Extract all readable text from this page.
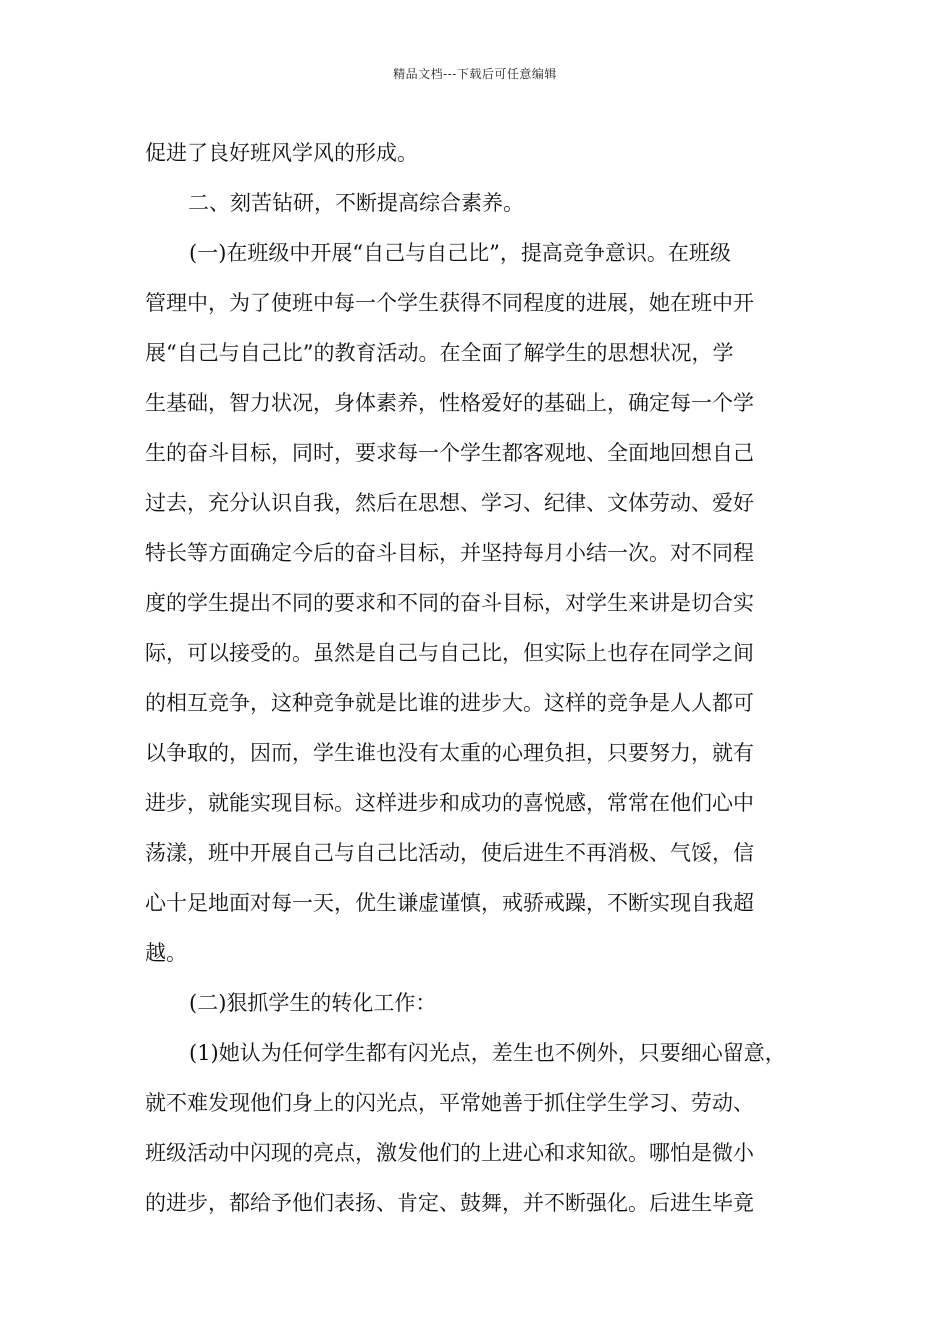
精品文档---下载后可任意编辑
促进了良好班风学风的形成。
二、刻苦钻研，不断提高综合素养。
(一)在班级中开展“自己与自己比”，提高竞争意识。在班级
管理中，为了使班中每一个学生获得不同程度的进展，她在班中开
展“自己与自己比”的教育活动。在全面了解学生的思想状况，学
生基础，智力状况，身体素养，性格爱好的基础上，确定每一个学
生的奋斗目标，同时，要求每一个学生都客观地、全面地回想自己
过去，充分认识自我，然后在思想、学习、纪律、文体劳动、爱好
特长等方面确定今后的奋斗目标，并坚持每月小结一次。对不同程
度的学生提出不同的要求和不同的奋斗目标，对学生来讲是切合实
际，可以接受的。虽然是自己与自己比，但实际上也存在同学之间
的相互竞争，这种竞争就是比谁的进步大。这样的竞争是人人都可
以争取的，因而，学生谁也没有太重的心理负担，只要努力，就有
进步，就能实现目标。这样进步和成功的喜悦感，常常在他们心中
荡漾，班中开展自己与自己比活动，使后进生不再消极、气馁，信
心十足地面对每一天，优生谦虚谨慎，戒骄戒躁，不断实现自我超
越。
(二)狠抓学生的转化工作：
(1)她认为任何学生都有闪光点，差生也不例外，只要细心留意，
就不难发现他们身上的闪光点，平常她善于抓住学生学习、劳动、
班级活动中闪现的亮点，激发他们的上进心和求知欲。哪怕是微小
的进步，都给予他们表扬、肯定、鼓舞，并不断强化。后进生毕竟
